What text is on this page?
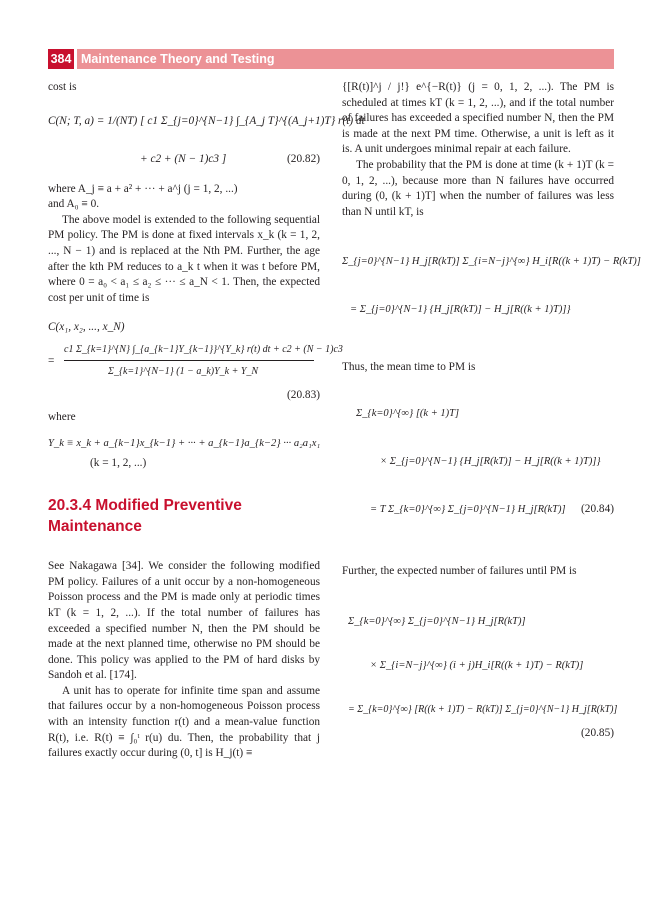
384 Maintenance Theory and Testing

cost is

C(N; T, a) = 1/(NT) [ c1 Σ_{j=0}^{N−1} ∫_{A_j T}^{(A_j+1)T} r(t) dt
+ c2 + (N − 1)c3 ]	(20.82)

where A_j ≡ a + a² + ··· + a^j (j = 1, 2, ...)

and A₀ ≡ 0.

The above model is extended to the following sequential PM policy. The PM is done at fixed intervals x_k (k = 1, 2, ..., N − 1) and is replaced at the Nth PM. Further, the age after the kth PM reduces to a_k t when it was t before PM, where 0 = a₀ < a₁ ≤ a₂ ≤ ··· ≤ a_N < 1. Then, the expected cost per unit of time is

C(x₁, x₂, ..., x_N)
=
c1 Σ_{k=1}^{N} ∫_{a_{k−1}Y_{k−1}}^{Y_k} r(t) dt + c2 + (N − 1)c3
Σ_{k=1}^{N−1} (1 − a_k)Y_k + Y_N
(20.83)

where

Y_k ≡ x_k + a_{k−1}x_{k−1} + ··· + a_{k−1}a_{k−2} ··· a₂a₁x₁

(k = 1, 2, ...)

20.3.4 Modified Preventive Maintenance

See Nakagawa [34]. We consider the following modified PM policy. Failures of a unit occur by a non-homogeneous Poisson process and the PM is made only at periodic times kT (k = 1, 2, ...). If the total number of failures has exceeded a specified number N, then the PM should be made at the next planned time, otherwise no PM should be done. This policy was applied to the PM of hard disks by Sandoh et al. [174].

A unit has to operate for infinite time span and assume that failures occur by a non-homogeneous Poisson process with an intensity function r(t) and a mean-value function R(t), i.e. R(t) ≡ ∫₀ᵗ r(u) du. Then, the probability that j failures exactly occur during (0, t] is H_j(t) ≡

{[R(t)]^j / j!} e^{−R(t)} (j = 0, 1, 2, ...). The PM is scheduled at times kT (k = 1, 2, ...), and if the total number of failures has exceeded a specified number N, then the PM is made at the next PM time. Otherwise, a unit is left as it is. A unit undergoes minimal repair at each failure.

The probability that the PM is done at time (k + 1)T (k = 0, 1, 2, ...), because more than N failures have occurred during (0, (k + 1)T] when the number of failures was less than N until kT, is

Σ_{j=0}^{N−1} H_j[R(kT)] Σ_{i=N−j}^{∞} H_i[R((k + 1)T) − R(kT)]
= Σ_{j=0}^{N−1} {H_j[R(kT)] − H_j[R((k + 1)T)]}

Thus, the mean time to PM is

Σ_{k=0}^{∞} [(k + 1)T]
× Σ_{j=0}^{N−1} {H_j[R(kT)] − H_j[R((k + 1)T)]}
= T Σ_{k=0}^{∞} Σ_{j=0}^{N−1} H_j[R(kT)] (20.84)

Further, the expected number of failures until PM is

Σ_{k=0}^{∞} Σ_{j=0}^{N−1} H_j[R(kT)]
× Σ_{i=N−j}^{∞} (i + j)H_i[R((k + 1)T) − R(kT)]
= Σ_{k=0}^{∞} [R((k + 1)T) − R(kT)] Σ_{j=0}^{N−1} H_j[R(kT)]
(20.85)
